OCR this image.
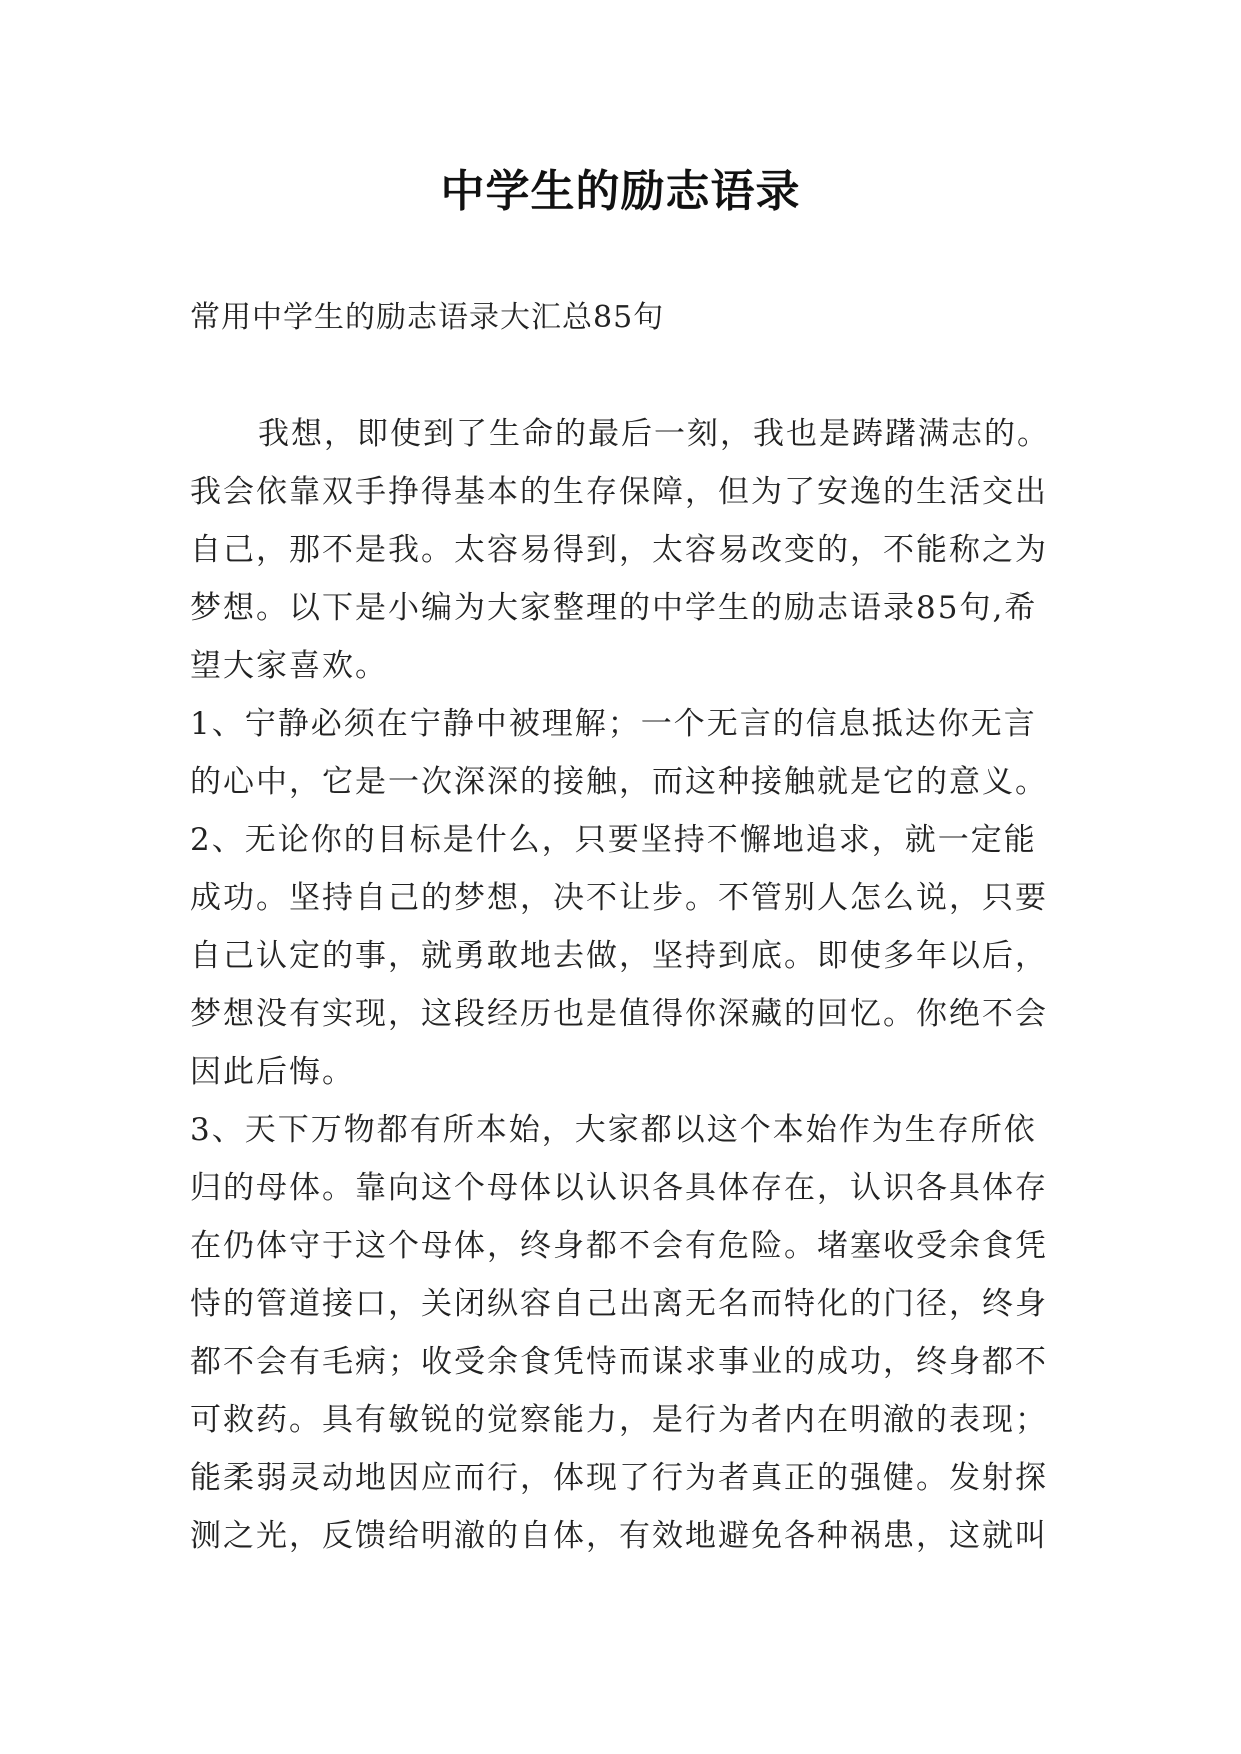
中学生的励志语录
常用中学生的励志语录大汇总85句
我想，即使到了生命的最后一刻，我也是踌躇满志的。
我会依靠双手挣得基本的生存保障，但为了安逸的生活交出
自己，那不是我。太容易得到，太容易改变的，不能称之为
梦想。以下是小编为大家整理的中学生的励志语录85句,希
望大家喜欢。
1、宁静必须在宁静中被理解；一个无言的信息抵达你无言
的心中，它是一次深深的接触，而这种接触就是它的意义。
2、无论你的目标是什么，只要坚持不懈地追求，就一定能
成功。坚持自己的梦想，决不让步。不管别人怎么说，只要
自己认定的事，就勇敢地去做，坚持到底。即使多年以后，
梦想没有实现，这段经历也是值得你深藏的回忆。你绝不会
因此后悔。
3、天下万物都有所本始，大家都以这个本始作为生存所依
归的母体。靠向这个母体以认识各具体存在，认识各具体存
在仍体守于这个母体，终身都不会有危险。堵塞收受余食凭
恃的管道接口，关闭纵容自己出离无名而特化的门径，终身
都不会有毛病；收受余食凭恃而谋求事业的成功，终身都不
可救药。具有敏锐的觉察能力，是行为者内在明澈的表现；
能柔弱灵动地因应而行，体现了行为者真正的强健。发射探
测之光，反馈给明澈的自体，有效地避免各种祸患，这就叫
